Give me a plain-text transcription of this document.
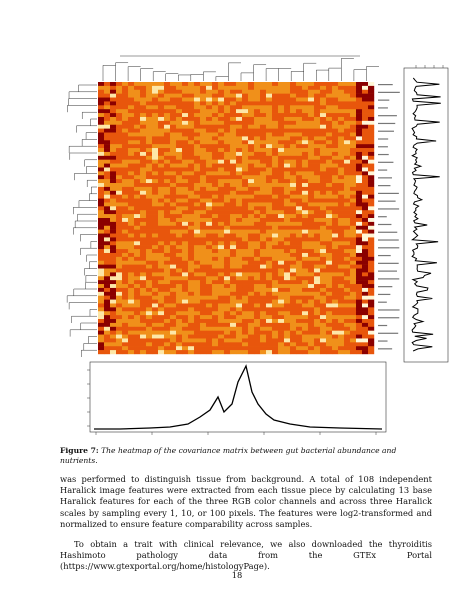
Figure 7: The heatmap of the covariance matrix between gut bacterial abundance and nutrients.
was performed to distinguish tissue from background. A total of 108 independent Haralick image features were extracted from each tissue piece by calculating 13 base Haralick features for each of the three RGB color channels and across three Haralick scales by sampling every 1, 10, or 100 pixels. The features were log2-transformed and normalized to ensure feature comparability across samples.
To obtain a trait with clinical relevance, we also downloaded the thyroiditis Hashimoto pathology data from the GTEx Portal (https://www.gtexportal.org/home/histologyPage).
18
